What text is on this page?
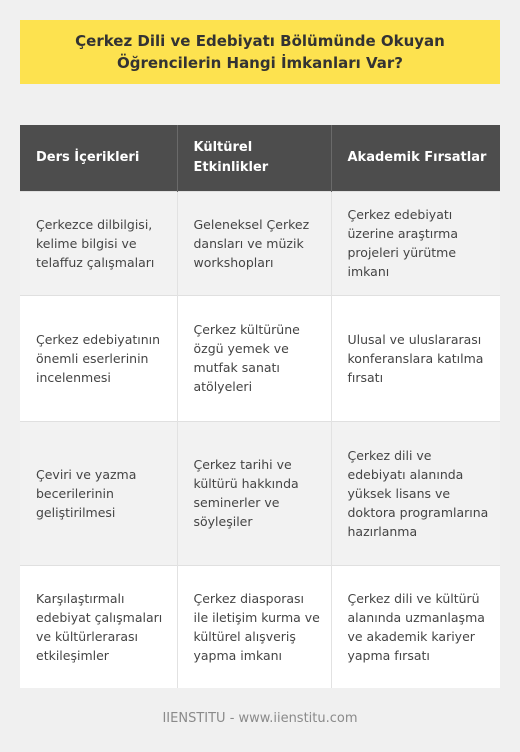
Çerkez Dili ve Edebiyatı Bölümünde Okuyan Öğrencilerin Hangi İmkanları Var?
Ders İçerikleri	Kültürel Etkinlikler	Akademik Fırsatlar
Çerkezce dilbilgisi, kelime bilgisi ve telaffuz çalışmaları	Geleneksel Çerkez dansları ve müzik workshopları	Çerkez edebiyatı üzerine araştırma projeleri yürütme imkanı
Çerkez edebiyatının önemli eserlerinin incelenmesi	Çerkez kültürüne özgü yemek ve mutfak sanatı atölyeleri	Ulusal ve uluslararası konferanslara katılma fırsatı
Çeviri ve yazma becerilerinin geliştirilmesi	Çerkez tarihi ve kültürü hakkında seminerler ve söyleşiler	Çerkez dili ve edebiyatı alanında yüksek lisans ve doktora programlarına hazırlanma
Karşılaştırmalı edebiyat çalışmaları ve kültürlerarası etkileşimler	Çerkez diasporası ile iletişim kurma ve kültürel alışveriş yapma imkanı	Çerkez dili ve kültürü alanında uzmanlaşma ve akademik kariyer yapma fırsatı
IIENSTITU - www.iienstitu.com
